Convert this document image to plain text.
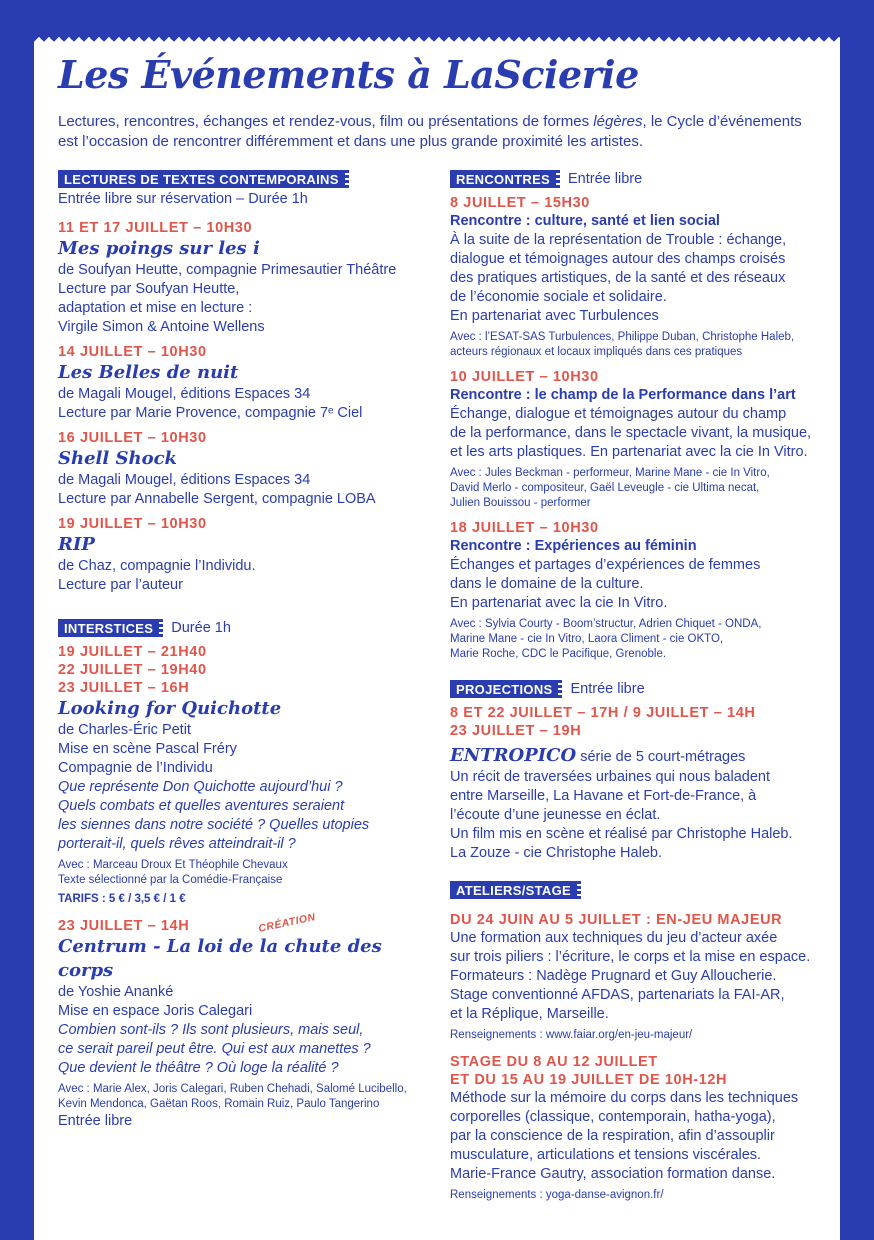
Les Événements à LaScierie
Lectures, rencontres, échanges et rendez-vous, film ou présentations de formes légères, le Cycle d’événements est l’occasion de rencontrer différemment et dans une plus grande proximité les artistes.
LECTURES DE TEXTES CONTEMPORAINS
Entrée libre sur réservation – Durée 1h
11 ET 17 JUILLET – 10H30
Mes poings sur les i
de Soufyan Heutte, compagnie Primesautier Théâtre
Lecture par Soufyan Heutte,
adaptation et mise en lecture :
Virgile Simon & Antoine Wellens
14 JUILLET – 10H30
Les Belles de nuit
de Magali Mougel, éditions Espaces 34
Lecture par Marie Provence, compagnie 7ᵉ Ciel
16 JUILLET – 10H30
Shell Shock
de Magali Mougel, éditions Espaces 34
Lecture par Annabelle Sergent, compagnie LOBA
19 JUILLET – 10H30
RIP
de Chaz, compagnie l’Individu.
Lecture par l’auteur
INTERSTICES	Durée 1h
19 JUILLET – 21H40
22 JUILLET – 19H40
23 JUILLET – 16H
Looking for Quichotte
de Charles-Éric Petit
Mise en scène Pascal Fréry
Compagnie de l’Individu
Que représente Don Quichotte aujourd’hui ?
Quels combats et quelles aventures seraient
les siennes dans notre société ? Quelles utopies
porterait-il, quels rêves atteindrait-il ?
Avec : Marceau Droux Et Théophile Chevaux
Texte sélectionné par la Comédie-Française
TARIFS : 5 € / 3,5 € / 1 €
23 JUILLET – 14H	CRÉATION
Centrum - La loi de la chute des corps
de Yoshie Ananké
Mise en espace Joris Calegari
Combien sont-ils ? Ils sont plusieurs, mais seul,
ce serait pareil peut être. Qui est aux manettes ?
Que devient le théâtre ? Où loge la réalité ?
Avec : Marie Alex, Joris Calegari, Ruben Chehadi, Salomé Lucibello,
Kevin Mendonca, Gaëtan Roos, Romain Ruiz, Paulo Tangerino
Entrée libre
RENCONTRES	Entrée libre
8 JUILLET – 15H30
Rencontre : culture, santé et lien social
À la suite de la représentation de Trouble : échange,
dialogue et témoignages autour des champs croisés
des pratiques artistiques, de la santé et des réseaux
de l’économie sociale et solidaire.
En partenariat avec Turbulences
Avec : l’ESAT-SAS Turbulences, Philippe Duban, Christophe Haleb,
acteurs régionaux et locaux impliqués dans ces pratiques
10 JUILLET – 10H30
Rencontre : le champ de la Performance dans l’art
Échange, dialogue et témoignages autour du champ
de la performance, dans le spectacle vivant, la musique,
et les arts plastiques. En partenariat avec la cie In Vitro.
Avec : Jules Beckman - performeur, Marine Mane - cie In Vitro,
David Merlo - compositeur, Gaël Leveugle - cie Ultima necat,
Julien Bouissou - performer
18 JUILLET – 10H30
Rencontre : Expériences au féminin
Échanges et partages d’expériences de femmes
dans le domaine de la culture.
En partenariat avec la cie In Vitro.
Avec : Sylvia Courty - Boom’structur, Adrien Chiquet - ONDA,
Marine Mane - cie In Vitro, Laora Climent - cie OKTO,
Marie Roche, CDC le Pacifique, Grenoble.
PROJECTIONS	Entrée libre
8 ET 22 JUILLET – 17H / 9 JUILLET – 14H
23 JUILLET – 19H
ENTROPICO série de 5 court-métrages
Un récit de traversées urbaines qui nous baladent
entre Marseille, La Havane et Fort-de-France, à
l’écoute d’une jeunesse en éclat.
Un film mis en scène et réalisé par Christophe Haleb.
La Zouze - cie Christophe Haleb.
ATELIERS/STAGE
DU 24 JUIN AU 5 JUILLET : EN-JEU MAJEUR
Une formation aux techniques du jeu d’acteur axée
sur trois piliers : l’écriture, le corps et la mise en espace.
Formateurs : Nadège Prugnard et Guy Alloucherie.
Stage conventionné AFDAS, partenariats la FAI-AR,
et la Réplique, Marseille.
Renseignements : www.faiar.org/en-jeu-majeur/
STAGE DU 8 AU 12 JUILLET
ET DU 15 AU 19 JUILLET DE 10H-12H
Méthode sur la mémoire du corps dans les techniques
corporelles (classique, contemporain, hatha-yoga),
par la conscience de la respiration, afin d’assouplir
musculature, articulations et tensions viscérales.
Marie-France Gautry, association formation danse.
Renseignements : yoga-danse-avignon.fr/
